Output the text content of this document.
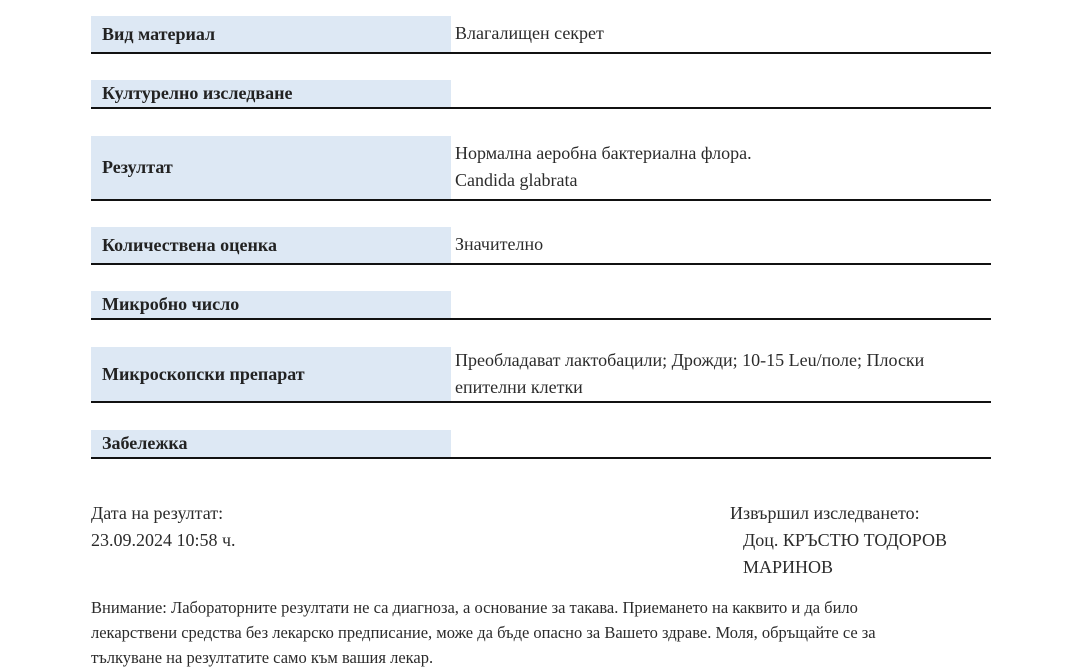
Вид материал	Влагалищен секрет
Културелно изследване
Резултат
Нормална аеробна бактериална флора.
Candida glabrata
Количествена оценка	Значително
Микробно число
Микроскопски препарат
Преобладават лактобацили; Дрожди; 10-15 Leu/поле; Плоски
епителни клетки
Забележка
Дата на резултат:
23.09.2024 10:58 ч.
Извършил изследването:
Доц. КРЪСТЮ ТОДОРОВ
МАРИНОВ
Внимание: Лабораторните резултати не са диагноза, а основание за такава. Приемането на каквито и да било
лекарствени средства без лекарско предписание, може да бъде опасно за Вашето здраве. Моля, обръщайте се за
тълкуване на резултатите само към вашия лекар.
